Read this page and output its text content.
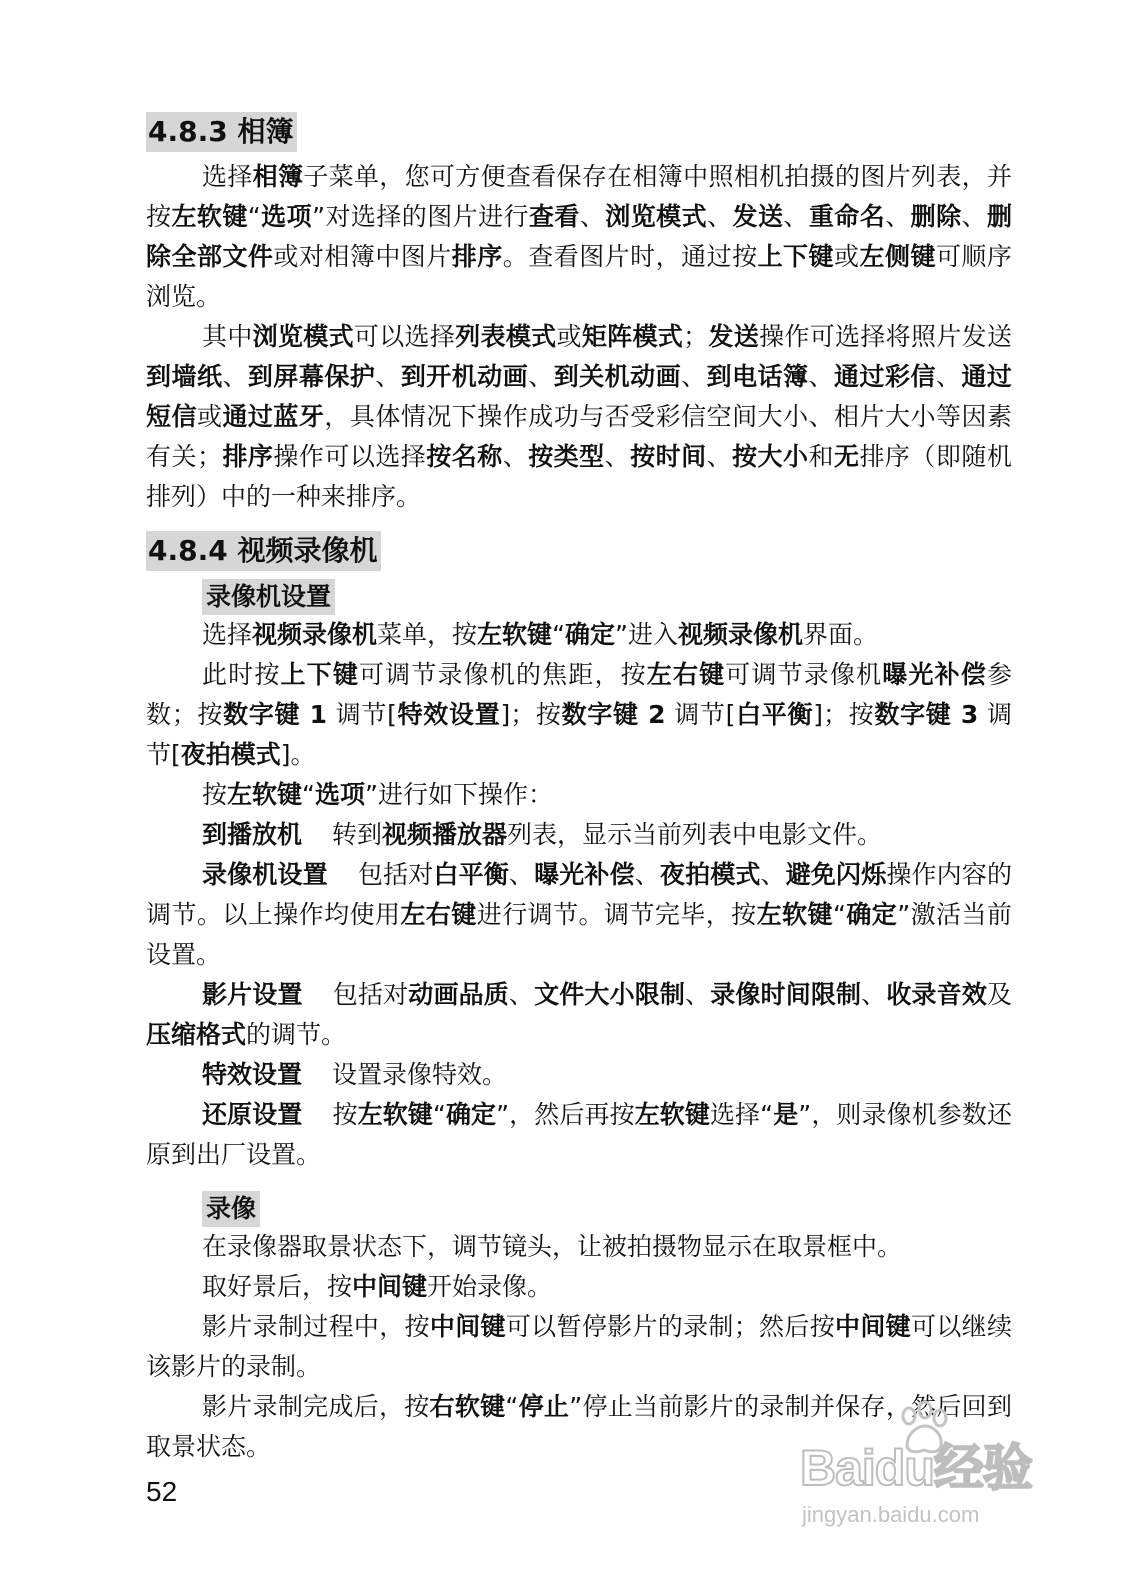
4.8.3 相簿

选择相簿子菜单，您可方便查看保存在相簿中照相机拍摄的图片列表，并按左软键“选项”对选择的图片进行查看、浏览模式、发送、重命名、删除、删除全部文件或对相簿中图片排序。查看图片时，通过按上下键或左侧键可顺序浏览。

其中浏览模式可以选择列表模式或矩阵模式；发送操作可选择将照片发送到墙纸、到屏幕保护、到开机动画、到关机动画、到电话簿、通过彩信、通过短信或通过蓝牙，具体情况下操作成功与否受彩信空间大小、相片大小等因素有关；排序操作可以选择按名称、按类型、按时间、按大小和无排序（即随机排列）中的一种来排序。

4.8.4 视频录像机
录像机设置

选择视频录像机菜单，按左软键“确定”进入视频录像机界面。

此时按上下键可调节录像机的焦距，按左右键可调节录像机曝光补偿参数；按数字键 1 调节[特效设置]；按数字键 2 调节[白平衡]；按数字键 3 调节[夜拍模式]。

按左软键“选项”进行如下操作：

到播放机 转到视频播放器列表，显示当前列表中电影文件。

录像机设置 包括对白平衡、曝光补偿、夜拍模式、避免闪烁操作内容的调节。以上操作均使用左右键进行调节。调节完毕，按左软键“确定”激活当前设置。

影片设置 包括对动画品质、文件大小限制、录像时间限制、收录音效及压缩格式的调节。

特效设置 设置录像特效。

还原设置 按左软键“确定”，然后再按左软键选择“是”，则录像机参数还原到出厂设置。

录像

在录像器取景状态下，调节镜头，让被拍摄物显示在取景框中。

取好景后，按中间键开始录像。

影片录制过程中，按中间键可以暂停影片的录制；然后按中间键可以继续该影片的录制。

影片录制完成后，按右软键“停止”停止当前影片的录制并保存，然后回到取景状态。

52	Baidu经验
jingyan.baidu.com
